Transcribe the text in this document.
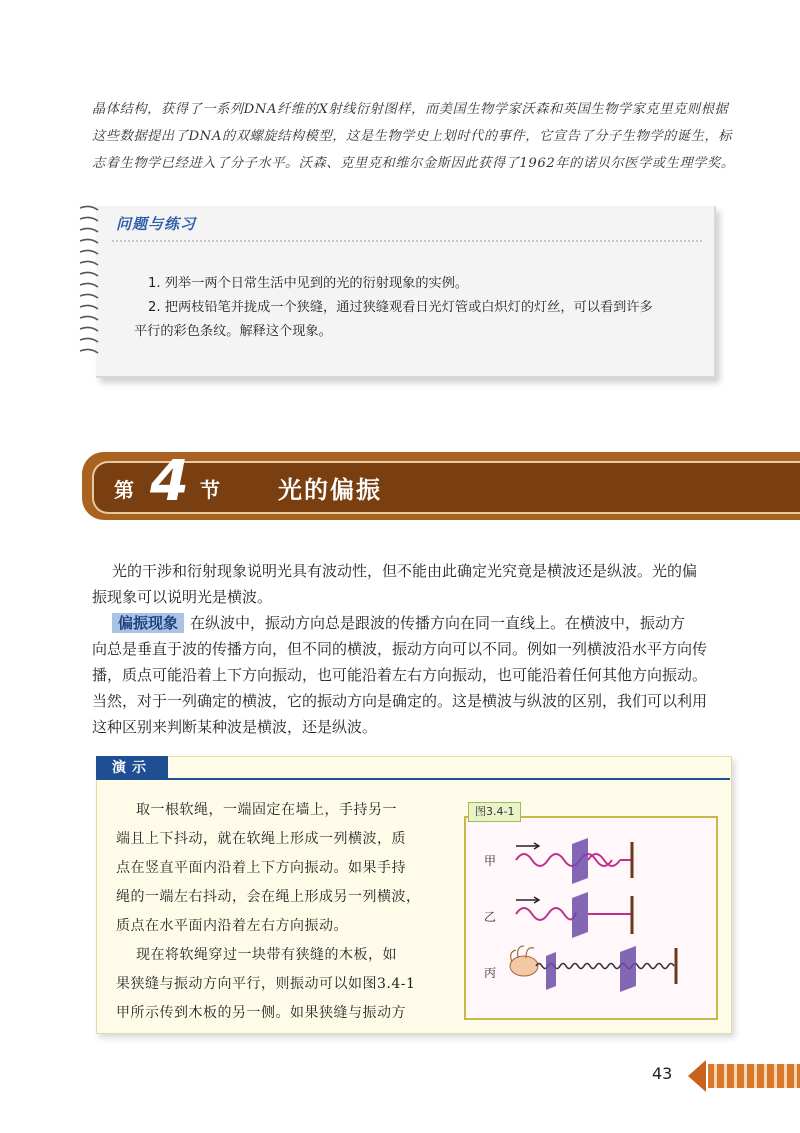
晶体结构，获得了一系列DNA纤维的X射线衍射图样，而美国生物学家沃森和英国生物学家克里克则根据

这些数据提出了DNA的双螺旋结构模型，这是生物学史上划时代的事件，它宣告了分子生物学的诞生，标

志着生物学已经进入了分子水平。沃森、克里克和维尔金斯因此获得了1962年的诺贝尔医学或生理学奖。

问题与练习
1. 列举一两个日常生活中见到的光的衍射现象的实例。
2. 把两枝铅笔并拢成一个狭缝，通过狭缝观看日光灯管或白炽灯的灯丝，可以看到许多
平行的彩色条纹。解释这个现象。
第 4 节 光的偏振
光的干涉和衍射现象说明光具有波动性，但不能由此确定光究竟是横波还是纵波。光的偏
振现象可以说明光是横波。
偏振现象 在纵波中，振动方向总是跟波的传播方向在同一直线上。在横波中，振动方
向总是垂直于波的传播方向，但不同的横波，振动方向可以不同。例如一列横波沿水平方向传
播，质点可能沿着上下方向振动，也可能沿着左右方向振动，也可能沿着任何其他方向振动。
当然，对于一列确定的横波，它的振动方向是确定的。这是横波与纵波的区别，我们可以利用
这种区别来判断某种波是横波，还是纵波。
演示
取一根软绳，一端固定在墙上，手持另一
端且上下抖动，就在软绳上形成一列横波，质
点在竖直平面内沿着上下方向振动。如果手持
绳的一端左右抖动，会在绳上形成另一列横波，
质点在水平面内沿着左右方向振动。
现在将软绳穿过一块带有狭缝的木板，如
果狭缝与振动方向平行，则振动可以如图3.4-1
甲所示传到木板的另一侧。如果狭缝与振动方
图3.4-1
甲
乙
丙
43
